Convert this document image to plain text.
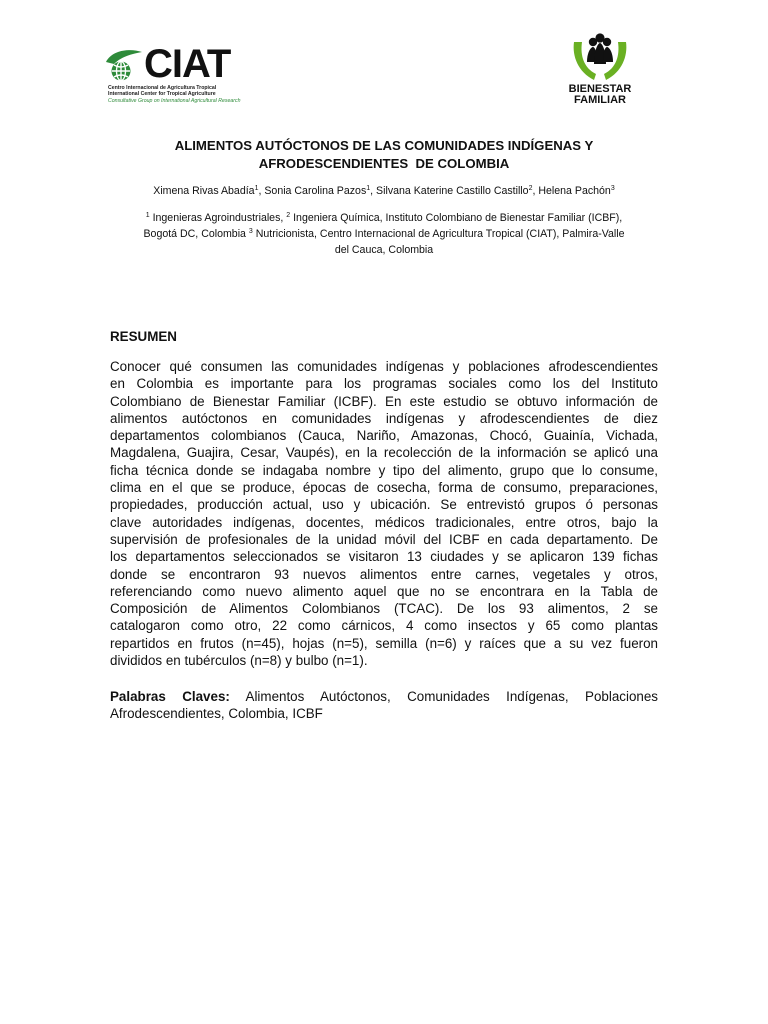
CIAT
Centro Internacional de Agricultura Tropical
International Center for Tropical Agriculture
Consultative Group on International Agricultural Research
BIENESTAR
FAMILIAR
ALIMENTOS AUTÓCTONOS DE LAS COMUNIDADES INDÍGENAS Y
AFRODESCENDIENTES  DE COLOMBIA
Ximena Rivas Abadía$^1$, Sonia Carolina Pazos$^1$, Silvana Katerine Castillo Castillo$^2$, Helena Pachón$^3$
$^1$ Ingenieras Agroindustriales, $^2$ Ingeniera Química, Instituto Colombiano de Bienestar Familiar (ICBF),
Bogotá DC, Colombia $^3$ Nutricionista, Centro Internacional de Agricultura Tropical (CIAT), Palmira-Valle
del Cauca, Colombia
RESUMEN
Conocer qué consumen las comunidades indígenas y poblaciones afrodescendientes
en Colombia es importante para los programas sociales como los del Instituto
Colombiano de Bienestar Familiar (ICBF). En este estudio se obtuvo información de
alimentos autóctonos en comunidades indígenas y afrodescendientes de diez
departamentos colombianos (Cauca, Nariño, Amazonas, Chocó, Guainía, Vichada,
Magdalena, Guajira, Cesar, Vaupés), en la recolección de la información se aplicó una
ficha técnica donde se indagaba nombre y tipo del alimento, grupo que lo consume,
clima en el que se produce, épocas de cosecha, forma de consumo, preparaciones,
propiedades, producción actual, uso y ubicación. Se entrevistó grupos ó personas
clave autoridades indígenas, docentes, médicos tradicionales, entre otros, bajo la
supervisión de profesionales de la unidad móvil del ICBF en cada departamento. De
los departamentos seleccionados se visitaron 13 ciudades y se aplicaron 139 fichas
donde se encontraron 93 nuevos alimentos entre carnes, vegetales y otros,
referenciando como nuevo alimento aquel que no se encontrara en la Tabla de
Composición de Alimentos Colombianos (TCAC). De los 93 alimentos, 2 se
catalogaron como otro, 22 como cárnicos, 4 como insectos y 65 como plantas
repartidos en frutos (n=45), hojas (n=5), semilla (n=6) y raíces que a su vez fueron
divididos en tubérculos (n=8) y bulbo (n=1).
Palabras Claves: Alimentos Autóctonos, Comunidades Indígenas, Poblaciones
Afrodescendientes, Colombia, ICBF
